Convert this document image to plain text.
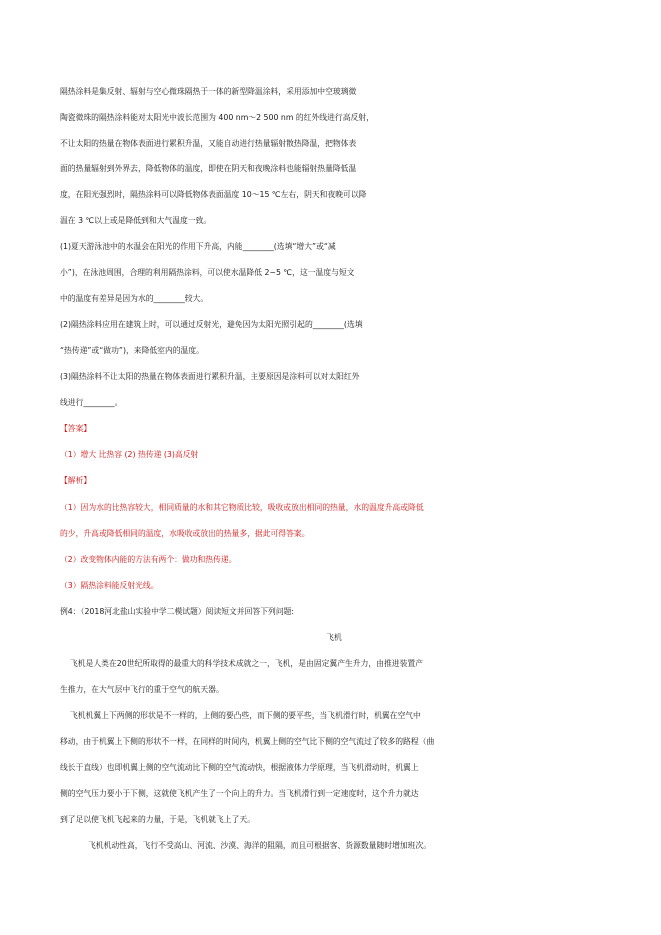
隔热涂料是集反射、辐射与空心微珠隔热于一体的新型降温涂料，采用添加中空玻璃微
陶瓷微珠的隔热涂料能对太阳光中波长范围为 400 nm～2 500 nm 的红外线进行高反射，
不让太阳的热量在物体表面进行累积升温，又能自动进行热量辐射散热降温，把物体表
面的热量辐射到外界去，降低物体的温度，即使在阴天和夜晚涂料也能辐射热量降低温
度，在阳光强烈时，隔热涂料可以降低物体表面温度 10～15 ℃左右，阴天和夜晚可以降
温在 3 ℃以上或是降低到和大气温度一致。
(1)夏天游泳池中的水温会在阳光的作用下升高，内能________(选填“增大”或“减
小”)，在泳池周围，合理的利用隔热涂料，可以使水温降低 2~5 ℃，这一温度与短文
中的温度有差异是因为水的________较大。
(2)隔热涂料应用在建筑上时，可以通过反射光，避免因为太阳光照引起的________(选填
“热传递”或“做功”)，来降低室内的温度。
(3)隔热涂料不让太阳的热量在物体表面进行累积升温，主要原因是涂料可以对太阳红外
线进行________。
【答案】
（1）增大 比热容 (2) 热传递 (3)高反射
【解析】
（1）因为水的比热容较大，相同质量的水和其它物质比较，吸收或放出相同的热量，水的温度升高或降低
的少，升高或降低相同的温度，水吸收或放出的热量多，据此可得答案。
（2）改变物体内能的方法有两个：做功和热传递。
（3）隔热涂料能反射光线。
例4：（2018河北盐山实验中学二模试题）阅读短文并回答下列问题:
飞机
飞机是人类在20世纪所取得的最重大的科学技术成就之一，飞机，是由固定翼产生升力，由推进装置产
生推力，在大气层中飞行的重于空气的航天器。
飞机机翼上下两侧的形状是不一样的，上侧的要凸些，而下侧的要平些，当飞机滑行时，机翼在空气中
移动，由于机翼上下侧的形状不一样，在同样的时间内，机翼上侧的空气比下侧的空气流过了较多的路程（曲
线长于直线）也即机翼上侧的空气流动比下侧的空气流动快，根据液体力学原理，当飞机滑动时，机翼上
侧的空气压力要小于下侧，这就使飞机产生了一个向上的升力。当飞机滑行到一定速度时，这个升力就达
到了足以使飞机飞起来的力量，于是，飞机就飞上了天。
飞机机动性高，飞行不受高山、河流、沙漠、海洋的阻隔，而且可根据客、货源数量随时增加班次。
